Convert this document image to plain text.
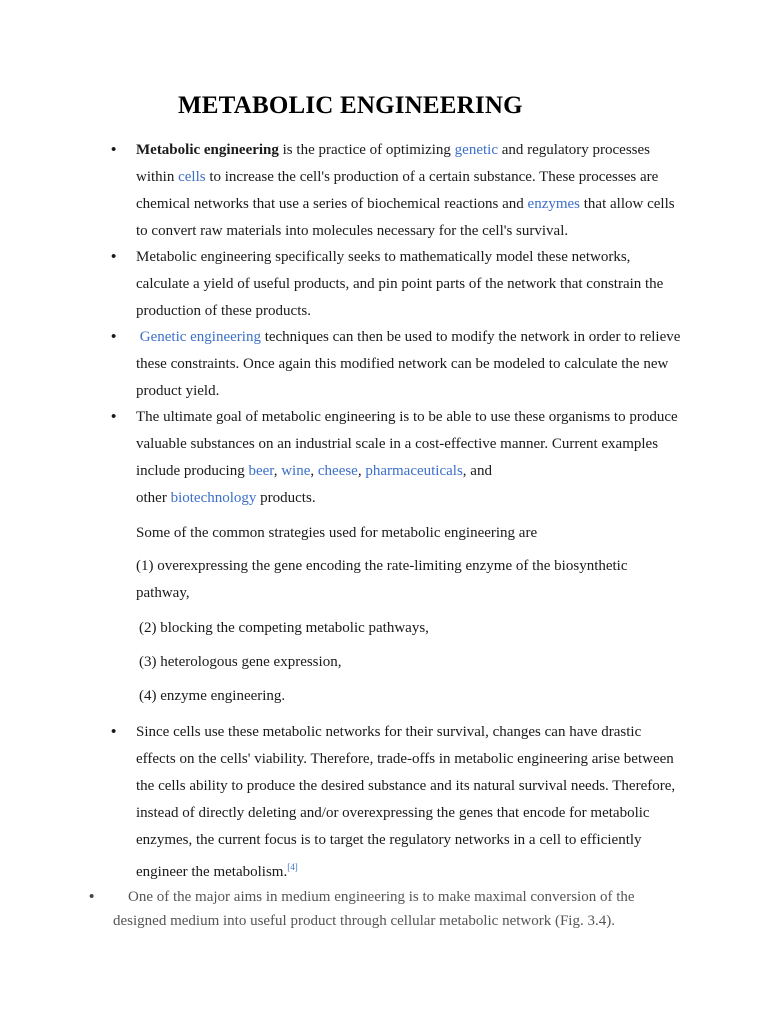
METABOLIC ENGINEERING
• Metabolic engineering is the practice of optimizing genetic and regulatory processes within cells to increase the cell's production of a certain substance. These processes are chemical networks that use a series of biochemical reactions and enzymes that allow cells to convert raw materials into molecules necessary for the cell's survival.

• Metabolic engineering specifically seeks to mathematically model these networks, calculate a yield of useful products, and pin point parts of the network that constrain the production of these products.

• Genetic engineering techniques can then be used to modify the network in order to relieve these constraints. Once again this modified network can be modeled to calculate the new product yield.

• The ultimate goal of metabolic engineering is to be able to use these organisms to produce valuable substances on an industrial scale in a cost-effective manner. Current examples include producing beer, wine, cheese, pharmaceuticals, and
other biotechnology products.

Some of the common strategies used for metabolic engineering are

(1) overexpressing the gene encoding the rate-limiting enzyme of the biosynthetic pathway,

(2) blocking the competing metabolic pathways,

(3) heterologous gene expression,

(4) enzyme engineering.

• Since cells use these metabolic networks for their survival, changes can have drastic effects on the cells' viability. Therefore, trade-offs in metabolic engineering arise between the cells ability to produce the desired substance and its natural survival needs. Therefore, instead of directly deleting and/or overexpressing the genes that encode for metabolic enzymes, the current focus is to target the regulatory networks in a cell to efficiently engineer the metabolism.[4]

•	One of the major aims in medium engineering is to make maximal conversion of the designed medium into useful product through cellular metabolic network (Fig. 3.4).
